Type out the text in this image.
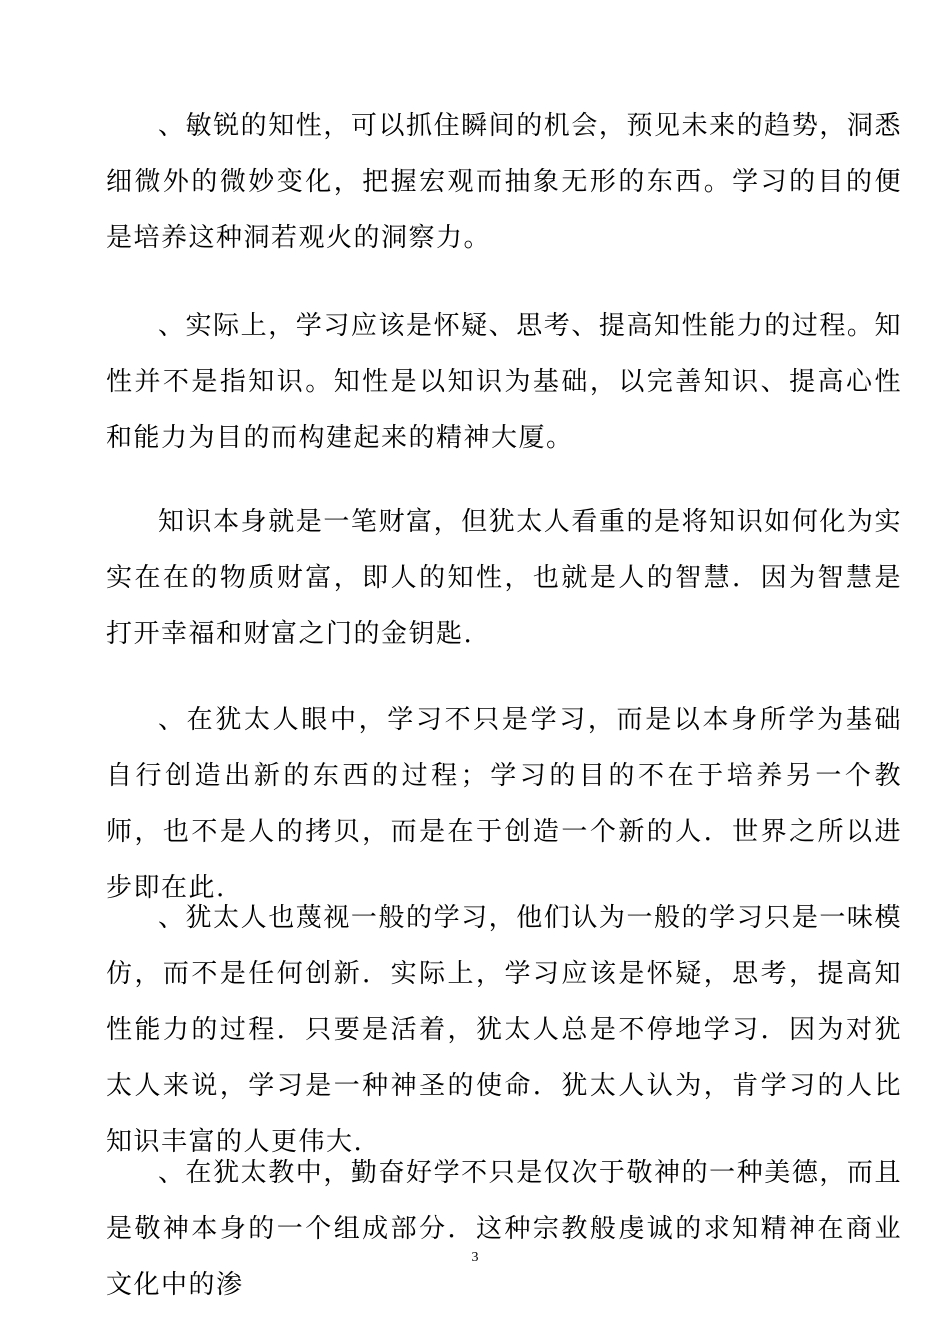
、敏锐的知性，可以抓住瞬间的机会，预见未来的趋势，洞悉细微外的微妙变化，把握宏观而抽象无形的东西。学习的目的便是培养这种洞若观火的洞察力。

、实际上，学习应该是怀疑、思考、提高知性能力的过程。知性并不是指知识。知性是以知识为基础，以完善知识、提高心性和能力为目的而构建起来的精神大厦。

知识本身就是一笔财富，但犹太人看重的是将知识如何化为实实在在的物质财富，即人的知性，也就是人的智慧．因为智慧是打开幸福和财富之门的金钥匙.

、在犹太人眼中，学习不只是学习，而是以本身所学为基础 自行创造出新的东西的过程；学习的目的不在于培养另一个教师，也不是人的拷贝，而是在于创造一个新的人．世界之所以进步即在此.

、犹太人也蔑视一般的学习，他们认为一般的学习只是一味模仿，而不是任何创新．实际上，学习应该是怀疑，思考，提高知性能力的过程．只要是活着，犹太人总是不停地学习．因为对犹太人来说，学习是一种神圣的使命．犹太人认为，肯学习的人比知识丰富的人更伟大.

、在犹太教中，勤奋好学不只是仅次于敬神的一种美德，而且是敬神本身的一个组成部分．这种宗教般虔诚的求知精神在商业文化中的渗

3
